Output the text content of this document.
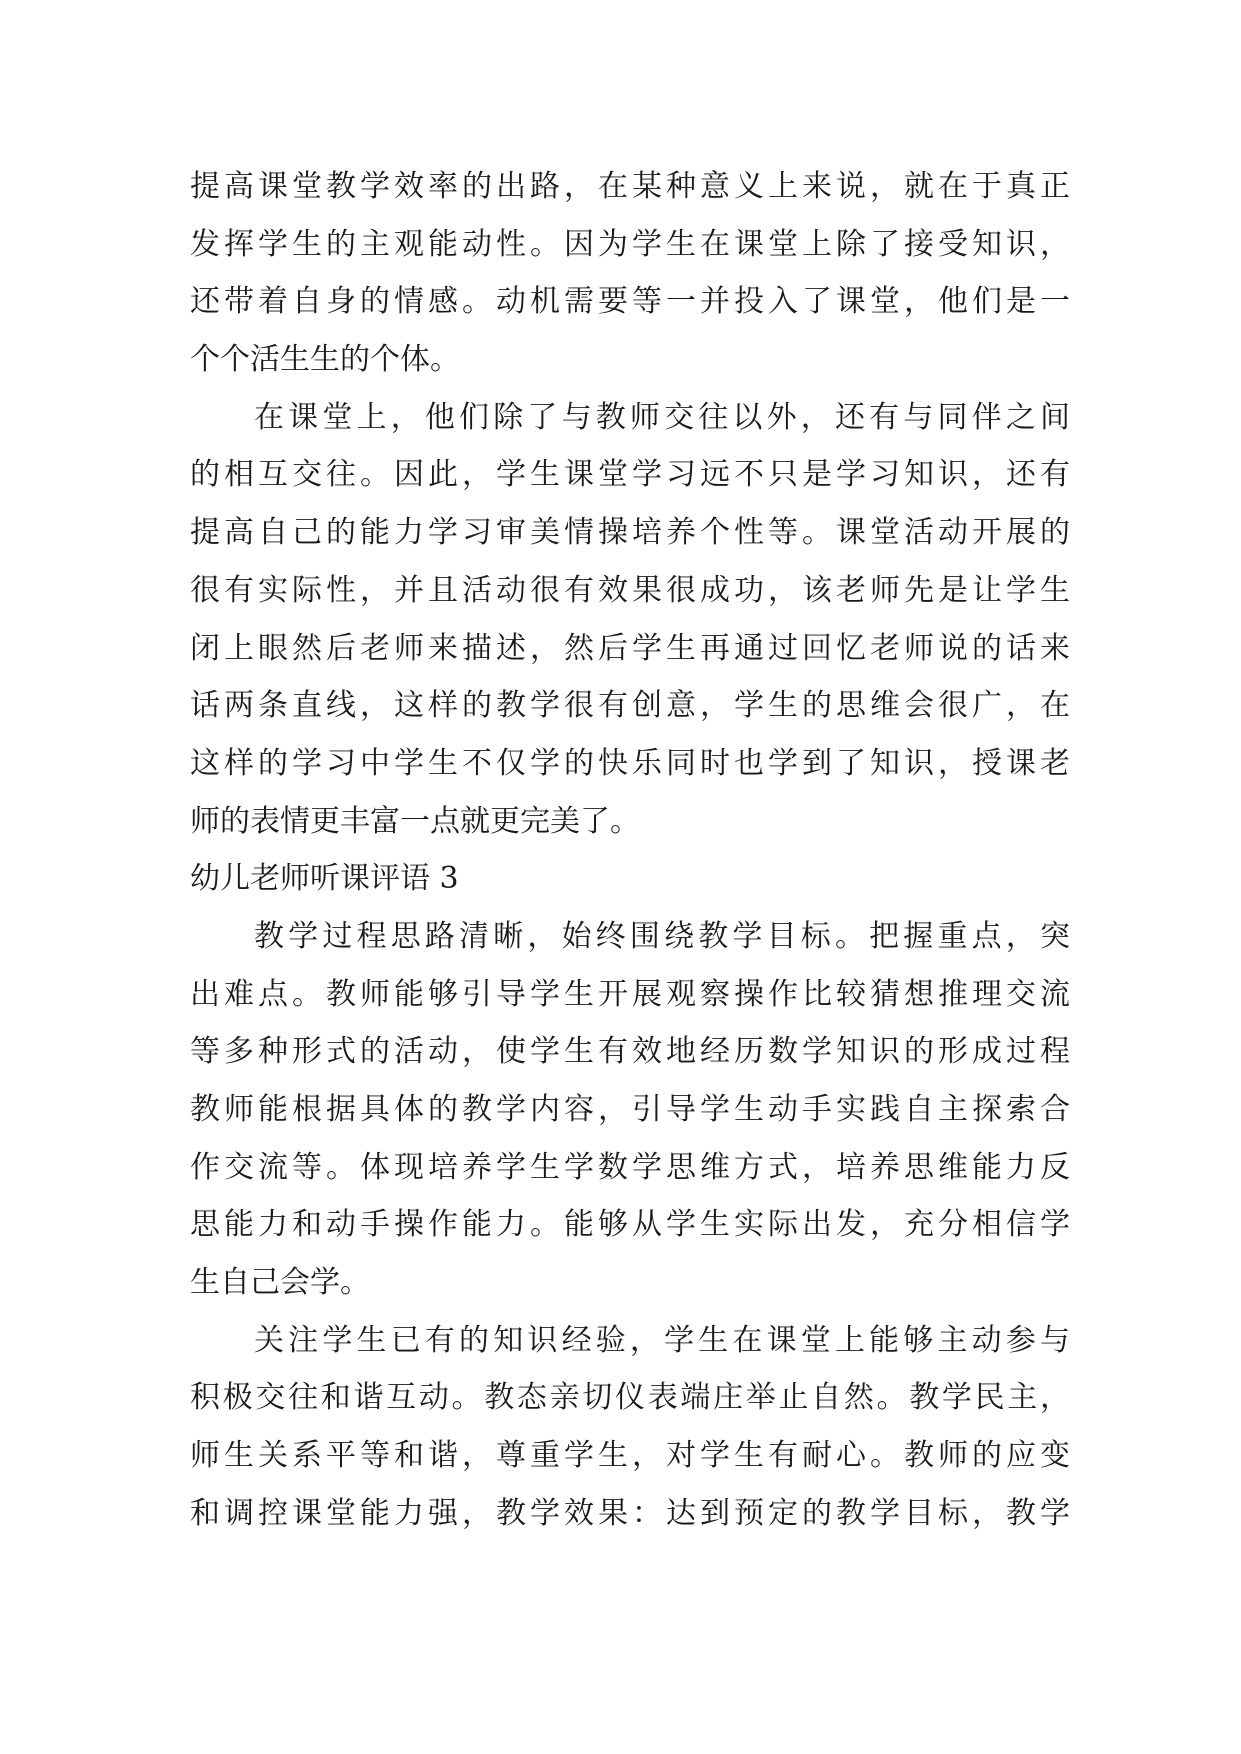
提高课堂教学效率的出路，在某种意义上来说，就在于真正
发挥学生的主观能动性。因为学生在课堂上除了接受知识，
还带着自身的情感。动机需要等一并投入了课堂，他们是一
个个活生生的个体。
在课堂上，他们除了与教师交往以外，还有与同伴之间
的相互交往。因此，学生课堂学习远不只是学习知识，还有
提高自己的能力学习审美情操培养个性等。课堂活动开展的
很有实际性，并且活动很有效果很成功，该老师先是让学生
闭上眼然后老师来描述，然后学生再通过回忆老师说的话来
话两条直线，这样的教学很有创意，学生的思维会很广，在
这样的学习中学生不仅学的快乐同时也学到了知识，授课老
师的表情更丰富一点就更完美了。
幼儿老师听课评语 3
教学过程思路清晰，始终围绕教学目标。把握重点，突
出难点。教师能够引导学生开展观察操作比较猜想推理交流
等多种形式的活动，使学生有效地经历数学知识的形成过程
教师能根据具体的教学内容，引导学生动手实践自主探索合
作交流等。体现培养学生学数学思维方式，培养思维能力反
思能力和动手操作能力。能够从学生实际出发，充分相信学
生自己会学。
关注学生已有的知识经验，学生在课堂上能够主动参与
积极交往和谐互动。教态亲切仪表端庄举止自然。教学民主，
师生关系平等和谐，尊重学生，对学生有耐心。教师的应变
和调控课堂能力强，教学效果：达到预定的教学目标，教学
